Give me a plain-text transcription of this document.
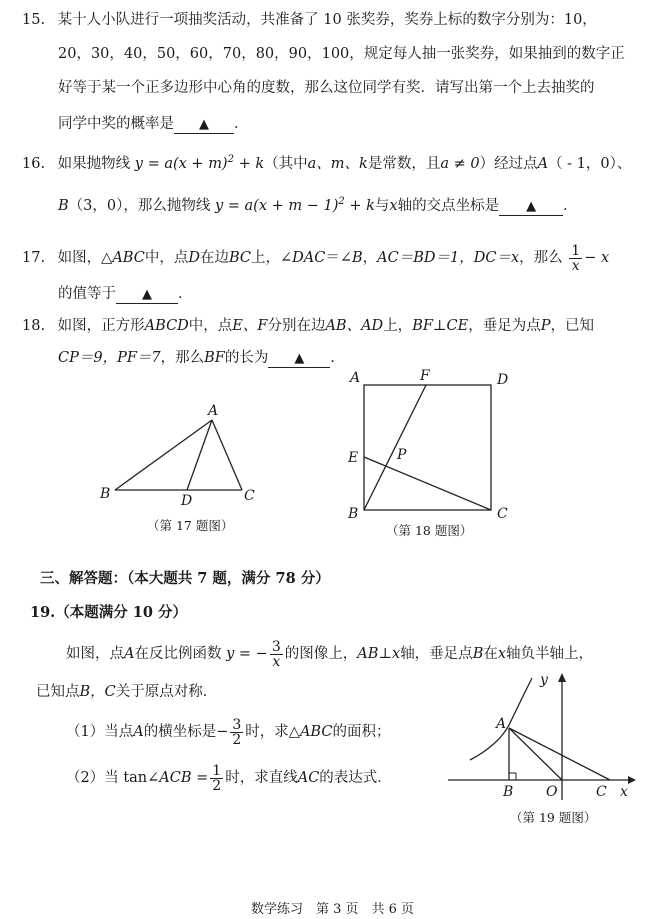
15. 某十人小队进行一项抽奖活动，共准备了 10 张奖券，奖券上标的数字分别为：10，
20，30，40，50，60，70，80，90，100，规定每人抽一张奖券，如果抽到的数字正
好等于某一个正多边形中心角的度数，那么这位同学有奖．请写出第一个上去抽奖的
同学中奖的概率是 ▲ ．
16. 如果抛物线 $y = a(x + m)^2 + k$（其中a、m、k是常数，且a ≠ 0）经过点A（ - 1，0）、
B（3，0），那么抛物线 $y = a(x + m - 1)^2 + k$与x轴的交点坐标是 ▲ ．
17. 如图，△ABC中，点D在边BC上，∠DAC＝∠B，AC＝BD＝1，DC＝x，那么 $\frac{1}{x} - x$
的值等于 ▲ ．
18. 如图，正方形ABCD中，点E、F分别在边AB、AD上，BF⊥CE，垂足为点P，已知
CP＝9，PF＝7，那么BF的长为 ▲ ．
A
B	D	C
（第 17 题图）
A	F	D
E	P
B	C
（第 18 题图）
三、解答题：（本大题共 7 题，满分 78 分）
19.（本题满分 10 分）
如图，点A在反比例函数 y = − $\frac{3}{x}$ 的图像上，AB⊥x轴，垂足点B在x轴负半轴上，
已知点B，C关于原点对称．
（1）当点A的横坐标是− $\frac{3}{2}$ 时，求△ABC的面积；
（2）当 tan∠ACB = $\frac{1}{2}$ 时，求直线AC的表达式．
y
A
B O	C x
（第 19 题图）
数学练习　第 3 页　共 6 页
